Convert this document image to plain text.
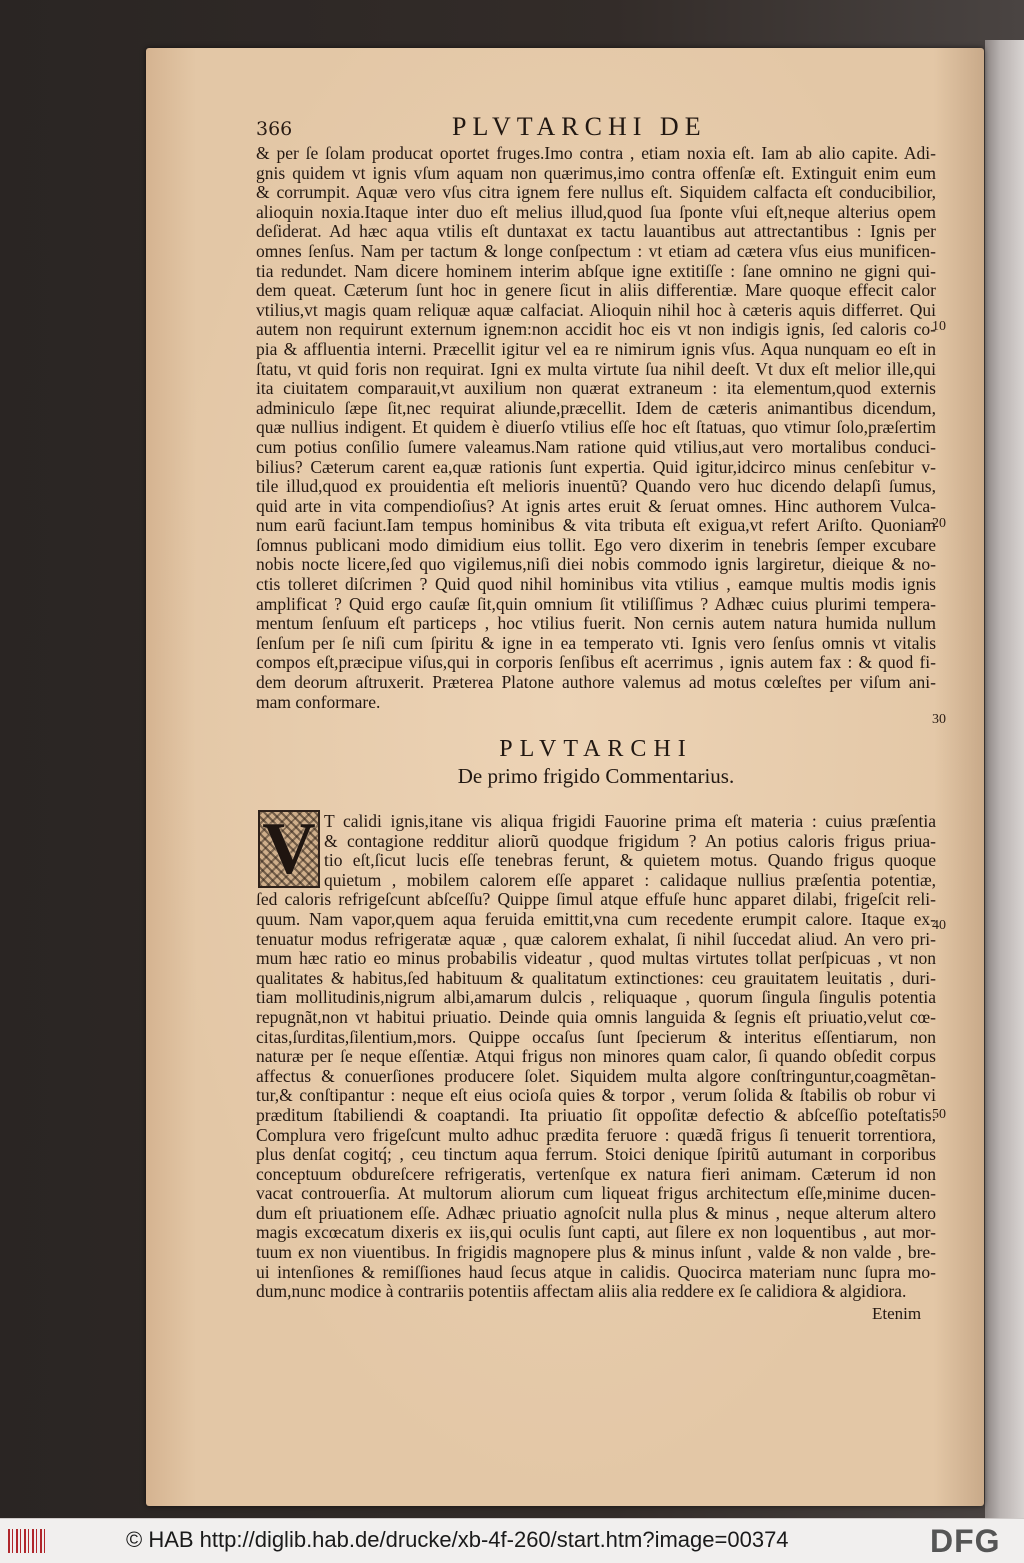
366	PLVTARCHI DE
& per ſe ſolam producat oportet fruges.Imo contra , etiam noxia eſt. Iam ab alio capite. Adi-
gnis quidem vt ignis vſum aquam non quærimus,imo contra offenſæ eſt. Extinguit enim eum
& corrumpit. Aquæ vero vſus citra ignem fere nullus eſt. Siquidem calfacta eſt conducibilior,
alioquin noxia.Itaque inter duo eſt melius illud,quod ſua ſponte vſui eſt,neque alterius opem
deſiderat. Ad hæc aqua vtilis eſt duntaxat ex tactu lauantibus aut attrectantibus : Ignis per
omnes ſenſus. Nam per tactum & longe conſpectum : vt etiam ad cætera vſus eius munificen-
tia redundet. Nam dicere hominem interim abſque igne extitiſſe : ſane omnino ne gigni qui-
dem queat. Cæterum ſunt hoc in genere ſicut in aliis differentiæ. Mare quoque effecit calor
vtilius,vt magis quam reliquæ aquæ calfaciat. Alioquin nihil hoc à cæteris aquis differret. Qui
autem non requirunt externum ignem:non accidit hoc eis vt non indigis ignis, ſed caloris co-
pia & affluentia interni. Præcellit igitur vel ea re nimirum ignis vſus. Aqua nunquam eo eſt in
ſtatu, vt quid foris non requirat. Igni ex multa virtute ſua nihil deeſt. Vt dux eſt melior ille,qui
ita ciuitatem comparauit,vt auxilium non quærat extraneum : ita elementum,quod externis
adminiculo ſæpe ſit,nec requirat aliunde,præcellit. Idem de cæteris animantibus dicendum,
quæ nullius indigent. Et quidem è diuerſo vtilius eſſe hoc eſt ſtatuas, quo vtimur ſolo,præſertim
cum potius conſilio ſumere valeamus.Nam ratione quid vtilius,aut vero mortalibus conduci-
bilius? Cæterum carent ea,quæ rationis ſunt expertia. Quid igitur,idcirco minus cenſebitur v-
tile illud,quod ex prouidentia eſt melioris inuentũ? Quando vero huc dicendo delapſi ſumus,
quid arte in vita compendioſius? At ignis artes eruit & ſeruat omnes. Hinc authorem Vulca-
num earũ faciunt.Iam tempus hominibus & vita tributa eſt exigua,vt refert Ariſto. Quoniam
ſomnus publicani modo dimidium eius tollit. Ego vero dixerim in tenebris ſemper excubare
nobis nocte licere,ſed quo vigilemus,niſi diei nobis commodo ignis largiretur, dieique & no-
ctis tolleret diſcrimen ? Quid quod nihil hominibus vita vtilius , eamque multis modis ignis
amplificat ? Quid ergo cauſæ ſit,quin omnium ſit vtiliſſimus ? Adhæc cuius plurimi tempera-
mentum ſenſuum eſt particeps , hoc vtilius fuerit. Non cernis autem natura humida nullum
ſenſum per ſe niſi cum ſpiritu & igne in ea temperato vti. Ignis vero ſenſus omnis vt vitalis
compos eſt,præcipue viſus,qui in corporis ſenſibus eſt acerrimus , ignis autem fax : & quod fi-
dem deorum aſtruxerit. Præterea Platone authore valemus ad motus cœleſtes per viſum ani-
mam conformare.
10
20
30
40
50
PLVTARCHI
De primo frigido Commentarius.
V T calidi ignis,itane vis aliqua frigidi Fauorine prima eſt materia : cuius præſentia
& contagione redditur aliorũ quodque frigidum ? An potius caloris frigus priua-
tio eſt,ſicut lucis eſſe tenebras ferunt, & quietem motus. Quando frigus quoque
quietum , mobilem calorem eſſe apparet : calidaque nullius præſentia potentiæ,
ſed caloris refrigeſcunt abſceſſu? Quippe ſimul atque effuſe hunc apparet dilabi, frigeſcit reli-
quum. Nam vapor,quem aqua feruida emittit,vna cum recedente erumpit calore. Itaque ex-
tenuatur modus refrigeratæ aquæ , quæ calorem exhalat, ſi nihil ſuccedat aliud. An vero pri-
mum hæc ratio eo minus probabilis videatur , quod multas virtutes tollat perſpicuas , vt non
qualitates & habitus,ſed habituum & qualitatum extinctiones: ceu grauitatem leuitatis , duri-
tiam mollitudinis,nigrum albi,amarum dulcis , reliquaque , quorum ſingula ſingulis potentia
repugnãt,non vt habitui priuatio. Deinde quia omnis languida & ſegnis eſt priuatio,velut cœ-
citas,ſurditas,ſilentium,mors. Quippe occaſus ſunt ſpecierum & interitus eſſentiarum, non
naturæ per ſe neque eſſentiæ. Atqui frigus non minores quam calor, ſi quando obſedit corpus
affectus & conuerſiones producere ſolet. Siquidem multa algore conſtringuntur,coagmẽtan-
tur,& conſtipantur : neque eſt eius ocioſa quies & torpor , verum ſolida & ſtabilis ob robur vi
præditum ſtabiliendi & coaptandi. Ita priuatio ſit oppoſitæ defectio & abſceſſio poteſtatis.
Complura vero frigeſcunt multo adhuc prædita feruore : quædã frigus ſi tenuerit torrentiora,
plus denſat cogitq́; , ceu tinctum aqua ferrum. Stoici denique ſpiritũ autumant in corporibus
conceptuum obdureſcere refrigeratis, vertenſque ex natura fieri animam. Cæterum id non
vacat controuerſia. At multorum aliorum cum liqueat frigus architectum eſſe,minime ducen-
dum eſt priuationem eſſe. Adhæc priuatio agnoſcit nulla plus & minus , neque alterum altero
magis excœcatum dixeris ex iis,qui oculis ſunt capti, aut ſilere ex non loquentibus , aut mor-
tuum ex non viuentibus. In frigidis magnopere plus & minus inſunt , valde & non valde , bre-
ui intenſiones & remiſſiones haud ſecus atque in calidis. Quocirca materiam nunc ſupra mo-
dum,nunc modice à contrariis potentiis affectam aliis alia reddere ex ſe calidiora & algidiora.
Etenim
© HAB http://diglib.hab.de/drucke/xb-4f-260/start.htm?image=00374	DFG
